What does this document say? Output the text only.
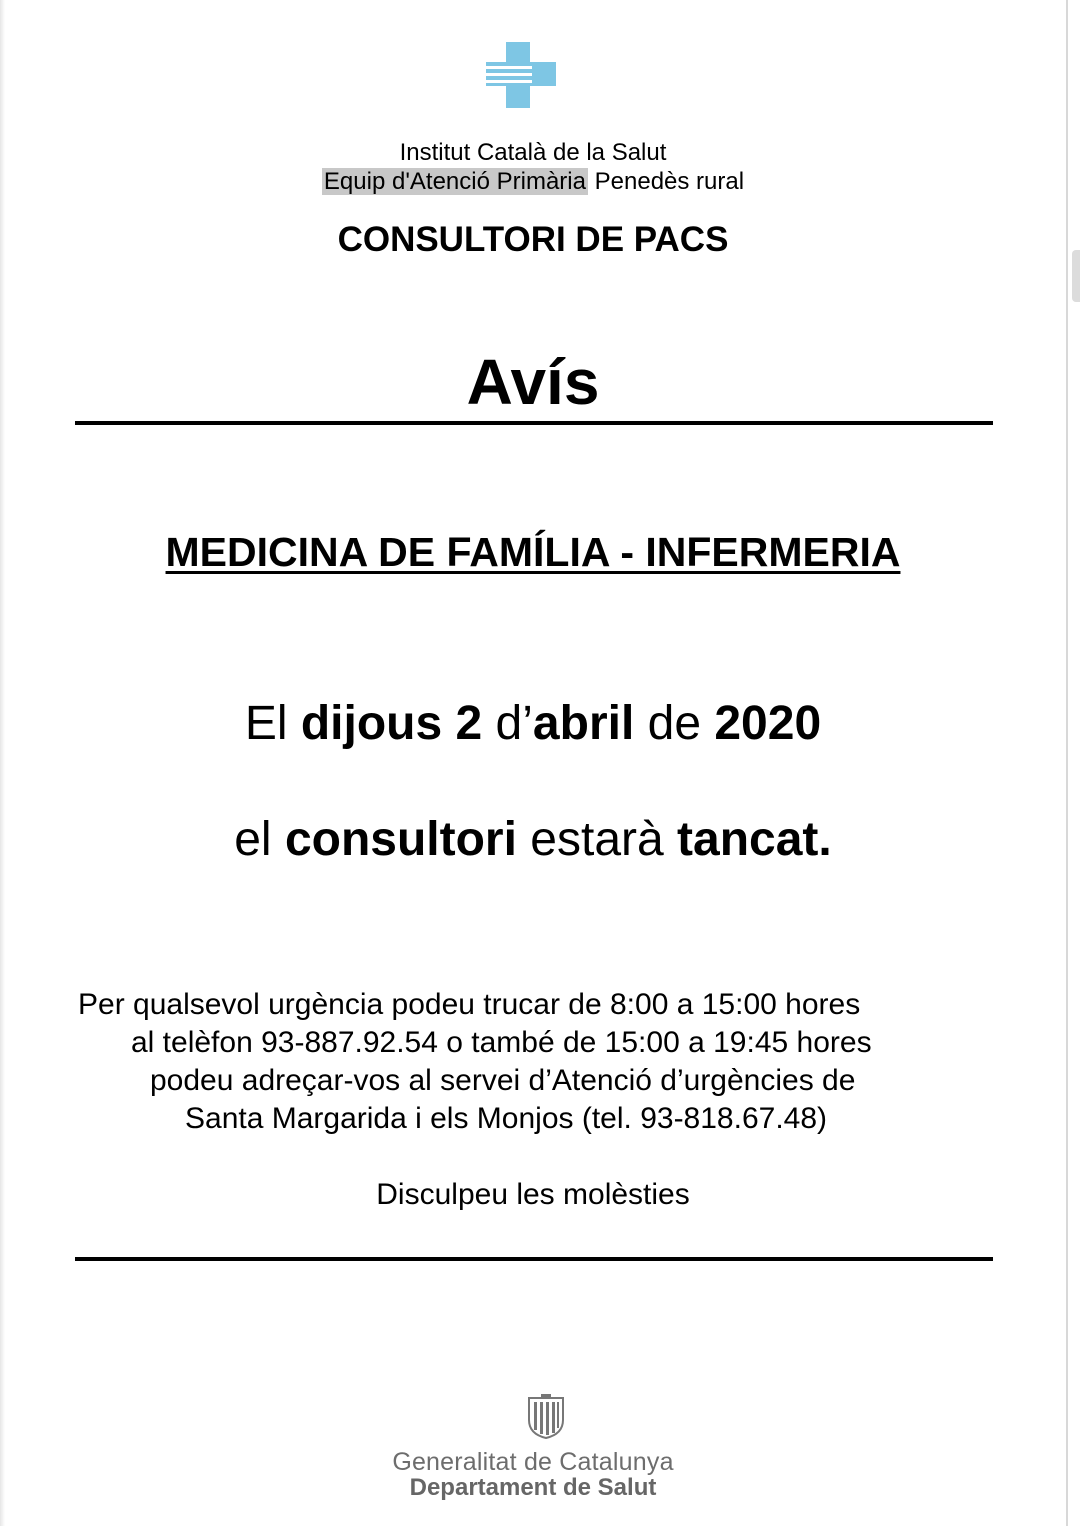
Institut Català de la Salut
Equip d'Atenció Primària Penedès rural
CONSULTORI DE PACS
Avís
MEDICINA DE FAMÍLIA - INFERMERIA
El dijous 2 d’abril de 2020
el consultori estarà tancat.
Per qualsevol urgència podeu trucar de 8:00 a 15:00 hores
al telèfon 93-887.92.54 o també de 15:00 a 19:45 hores
podeu adreçar-vos al servei d’Atenció d’urgències de
Santa Margarida i els Monjos (tel. 93-818.67.48)
Disculpeu les molèsties
Generalitat de Catalunya
Departament de Salut
